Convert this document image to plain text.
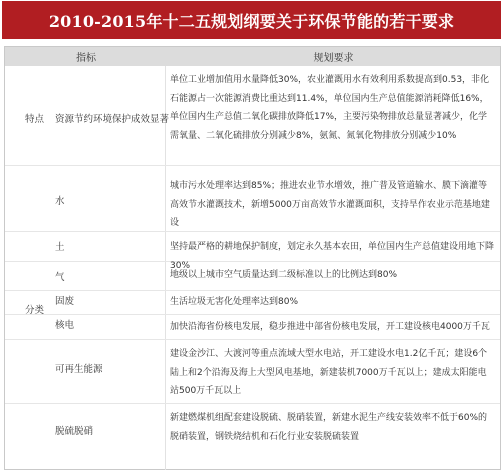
2010-2015年十二五规划纲要关于环保节能的若干要求
指标	规划要求
特点
分类
资源节约环境保护成效显著
水
土
气
固废
核电
可再生能源
脱硫脱硝
单位工业增加值用水量降低30%，农业灌溉用水有效利用系数提高到0.53，非化石能源占一次能源消费比重达到11.4%，单位国内生产总值能源消耗降低16%，单位国内生产总值二氧化碳排放降低17%，主要污染物排放总量显著减少，化学需氧量、二氧化硫排放分别减少8%，氨氮、氮氧化物排放分别减少10%
城市污水处理率达到85%；推进农业节水增效，推广普及管道输水、膜下滴灌等高效节水灌溉技术，新增5000万亩高效节水灌溉面积，支持旱作农业示范基地建设
坚持最严格的耕地保护制度，划定永久基本农田，单位国内生产总值建设用地下降30%
地级以上城市空气质量达到二级标准以上的比例达到80%
生活垃圾无害化处理率达到80%
加快沿海省份核电发展，稳步推进中部省份核电发展，开工建设核电4000万千瓦
建设金沙江、大渡河等重点流域大型水电站，开工建设水电1.2亿千瓦；建设6个陆上和2个沿海及海上大型风电基地，新建装机7000万千瓦以上；建成太阳能电站500万千瓦以上
新建燃煤机组配套建设脱硫、脱硝装置，新建水泥生产线安装效率不低于60%的脱硝装置，钢铁烧结机和石化行业安装脱硫装置
